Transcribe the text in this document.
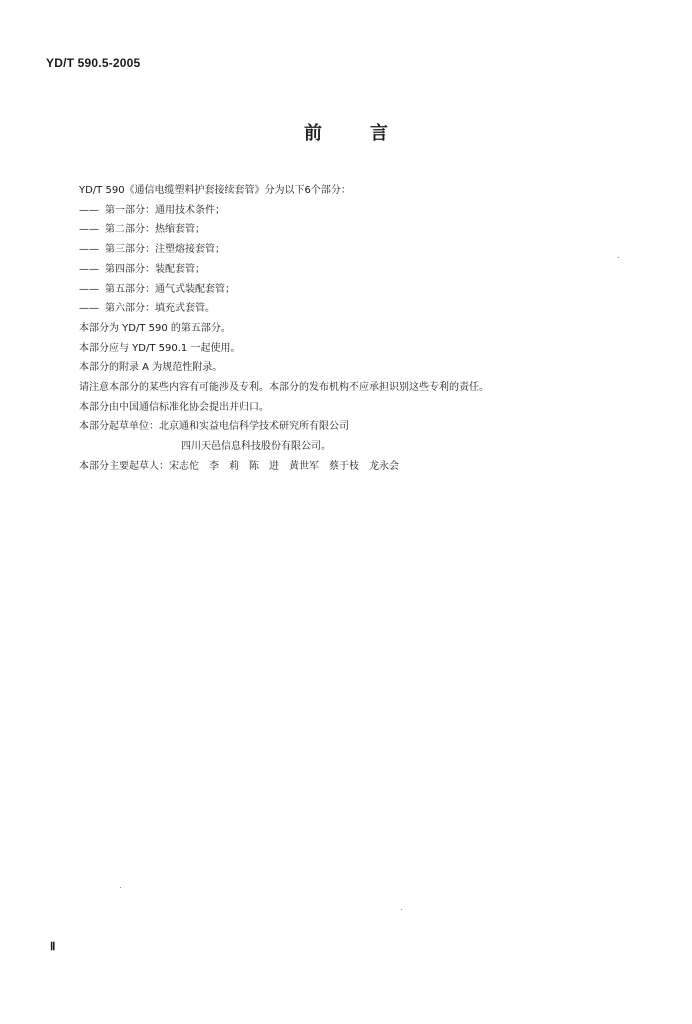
YD/T 590.5-2005
前	言
YD/T 590《通信电缆塑料护套接续套管》分为以下6个部分：
—— 第一部分：通用技术条件；
—— 第二部分：热缩套管；
—— 第三部分：注塑熔接套管；
—— 第四部分：装配套管；
—— 第五部分：通气式装配套管；
—— 第六部分：填充式套管。
本部分为 YD/T 590 的第五部分。
本部分应与 YD/T 590.1 一起使用。
本部分的附录 A 为规范性附录。
请注意本部分的某些内容有可能涉及专利。本部分的发布机构不应承担识别这些专利的责任。
本部分由中国通信标准化协会提出并归口。
本部分起草单位：北京通和实益电信科学技术研究所有限公司
四川天邑信息科技股份有限公司。
本部分主要起草人：宋志佗　李　莉　陈　进　黄世军　蔡于枝　龙永会
Ⅱ
